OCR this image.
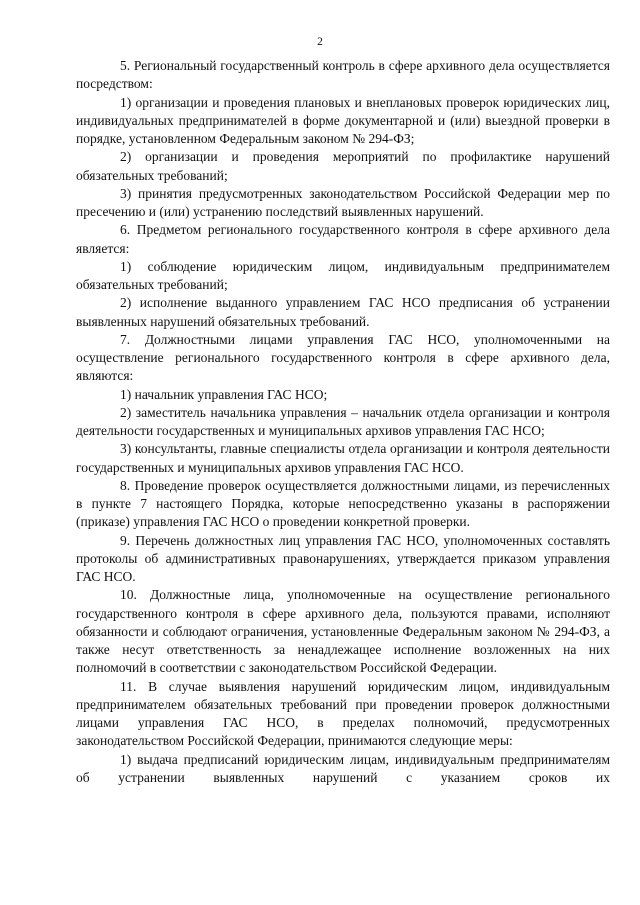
2

5. Региональный государственный контроль в сфере архивного дела осуществляется посредством:

1) организации и проведения плановых и внеплановых проверок юридических лиц, индивидуальных предпринимателей в форме документарной и (или) выездной проверки в порядке, установленном Федеральным законом № 294-ФЗ;

2) организации и проведения мероприятий по профилактике нарушений обязательных требований;

3) принятия предусмотренных законодательством Российской Федерации мер по пресечению и (или) устранению последствий выявленных нарушений.

6. Предметом регионального государственного контроля в сфере архивного дела является:

1) соблюдение юридическим лицом, индивидуальным предпринимателем обязательных требований;

2) исполнение выданного управлением ГАС НСО предписания об устранении выявленных нарушений обязательных требований.

7. Должностными лицами управления ГАС НСО, уполномоченными на осуществление регионального государственного контроля в сфере архивного дела, являются:

1) начальник управления ГАС НСО;

2) заместитель начальника управления – начальник отдела организации и контроля деятельности государственных и муниципальных архивов управления ГАС НСО;

3) консультанты, главные специалисты отдела организации и контроля деятельности государственных и муниципальных архивов управления ГАС НСО.

8. Проведение проверок осуществляется должностными лицами, из перечисленных в пункте 7 настоящего Порядка, которые непосредственно указаны в распоряжении (приказе) управления ГАС НСО о проведении конкретной проверки.

9. Перечень должностных лиц управления ГАС НСО, уполномоченных составлять протоколы об административных правонарушениях, утверждается приказом управления ГАС НСО.

10. Должностные лица, уполномоченные на осуществление регионального государственного контроля в сфере архивного дела, пользуются правами, исполняют обязанности и соблюдают ограничения, установленные Федеральным законом № 294-ФЗ, а также несут ответственность за ненадлежащее исполнение возложенных на них полномочий в соответствии с законодательством Российской Федерации.

11. В случае выявления нарушений юридическим лицом, индивидуальным предпринимателем обязательных требований при проведении проверок должностными лицами управления ГАС НСО, в пределах полномочий, предусмотренных законодательством Российской Федерации, принимаются следующие меры:

1) выдача предписаний юридическим лицам, индивидуальным предпринимателям об устранении выявленных нарушений с указанием сроков их
